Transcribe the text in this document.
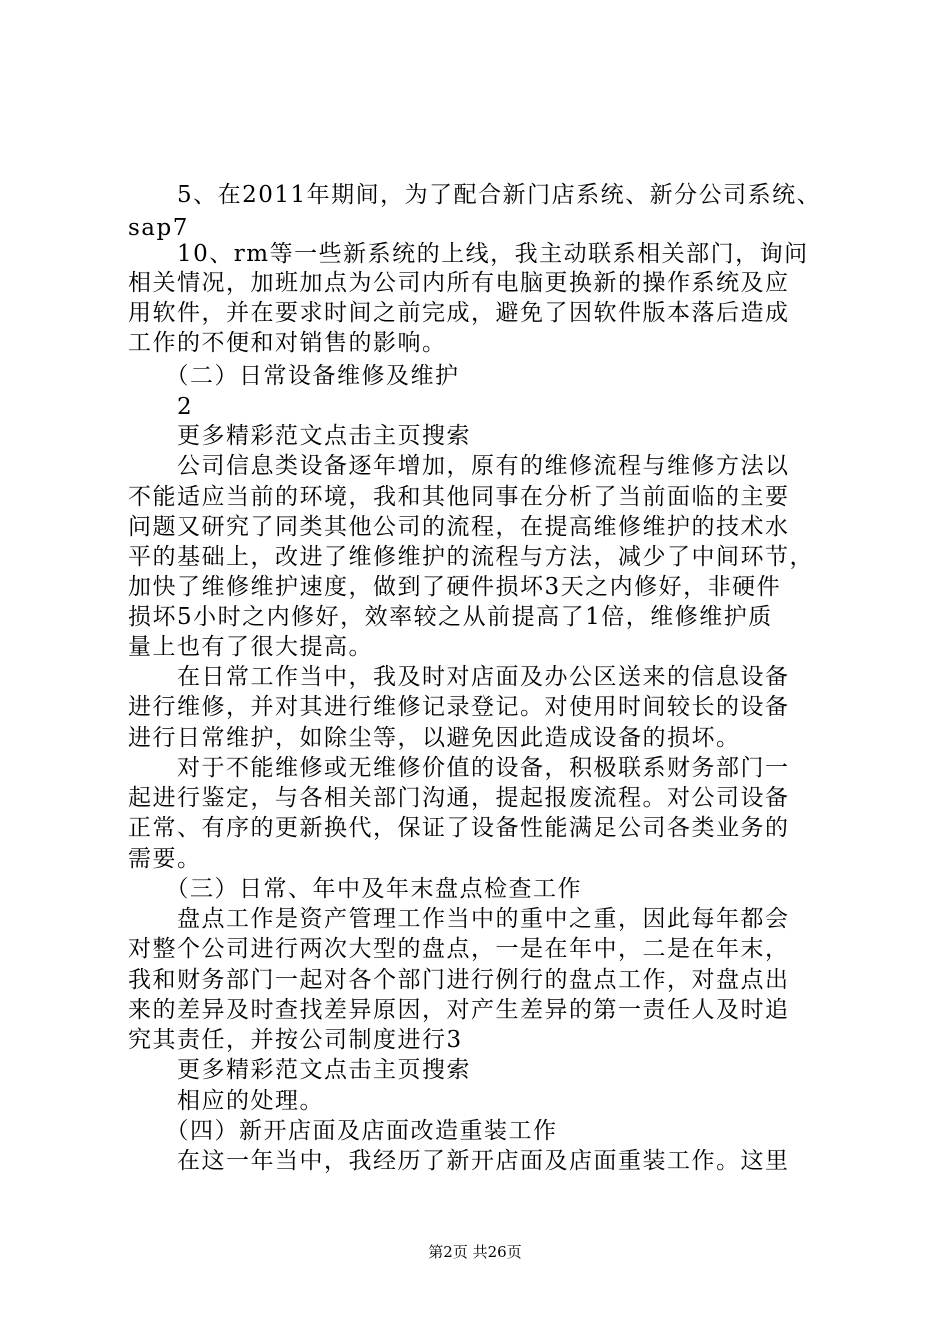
　　5、在2011年期间，为了配合新门店系统、新分公司系统、
sap7
　　10、rm等一些新系统的上线，我主动联系相关部门，询问
相关情况，加班加点为公司内所有电脑更换新的操作系统及应
用软件，并在要求时间之前完成，避免了因软件版本落后造成
工作的不便和对销售的影响。
　　（二）日常设备维修及维护
　　2
　　更多精彩范文点击主页搜索
　　公司信息类设备逐年增加，原有的维修流程与维修方法以
不能适应当前的环境，我和其他同事在分析了当前面临的主要
问题又研究了同类其他公司的流程，在提高维修维护的技术水
平的基础上，改进了维修维护的流程与方法，减少了中间环节，
加快了维修维护速度，做到了硬件损坏3天之内修好，非硬件
损坏5小时之内修好，效率较之从前提高了1倍，维修维护质
量上也有了很大提高。
　　在日常工作当中，我及时对店面及办公区送来的信息设备
进行维修，并对其进行维修记录登记。对使用时间较长的设备
进行日常维护，如除尘等，以避免因此造成设备的损坏。
　　对于不能维修或无维修价值的设备，积极联系财务部门一
起进行鉴定，与各相关部门沟通，提起报废流程。对公司设备
正常、有序的更新换代，保证了设备性能满足公司各类业务的
需要。
　　（三）日常、年中及年末盘点检查工作
　　盘点工作是资产管理工作当中的重中之重，因此每年都会
对整个公司进行两次大型的盘点，一是在年中，二是在年末，
我和财务部门一起对各个部门进行例行的盘点工作，对盘点出
来的差异及时查找差异原因，对产生差异的第一责任人及时追
究其责任，并按公司制度进行3
　　更多精彩范文点击主页搜索
　　相应的处理。
　　（四）新开店面及店面改造重装工作
　　在这一年当中，我经历了新开店面及店面重装工作。这里
第2页 共26页
